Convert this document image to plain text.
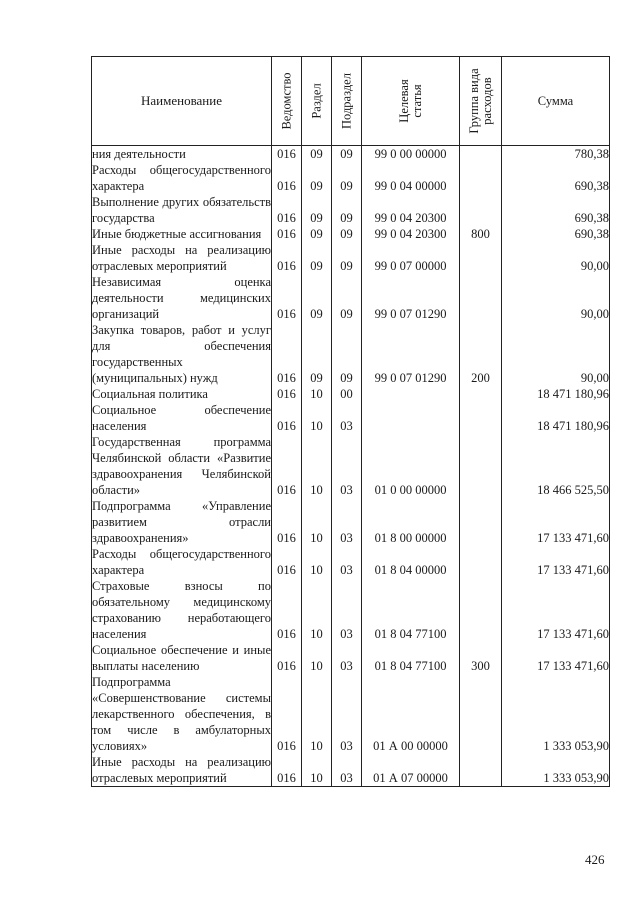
Наименование	Ведомство	Раздел	Подраздел	Целевая статья	Группа вида расходов	Сумма
ния деятельности	016	09	09	99 0 00 00000		780,38
Расходы общегосударственного характера	016	09	09	99 0 04 00000		690,38
Выполнение других обязательств государства	016	09	09	99 0 04 20300		690,38
Иные бюджетные ассигнования	016	09	09	99 0 04 20300	800	690,38
Иные расходы на реализацию отраслевых мероприятий	016	09	09	99 0 07 00000		90,00
Независимая оценка деятельности медицинских организаций	016	09	09	99 0 07 01290		90,00
Закупка товаров, работ и услуг для обеспечения государственных (муниципальных) нужд	016	09	09	99 0 07 01290	200	90,00
Социальная политика	016	10	00			18 471 180,96
Социальное обеспечение населения	016	10	03			18 471 180,96
Государственная программа Челябинской области «Развитие здравоохранения Челябинской области»	016	10	03	01 0 00 00000		18 466 525,50
Подпрограмма «Управление развитием отрасли здравоохранения»	016	10	03	01 8 00 00000		17 133 471,60
Расходы общегосударственного характера	016	10	03	01 8 04 00000		17 133 471,60
Страховые взносы по обязательному медицинскому страхованию неработающего населения	016	10	03	01 8 04 77100		17 133 471,60
Социальное обеспечение и иные выплаты населению	016	10	03	01 8 04 77100	300	17 133 471,60
Подпрограмма «Совершенствование системы лекарственного обеспечения, в том числе в амбулаторных условиях»	016	10	03	01 А 00 00000		1 333 053,90
Иные расходы на реализацию отраслевых мероприятий	016	10	03	01 А 07 00000		1 333 053,90
426
